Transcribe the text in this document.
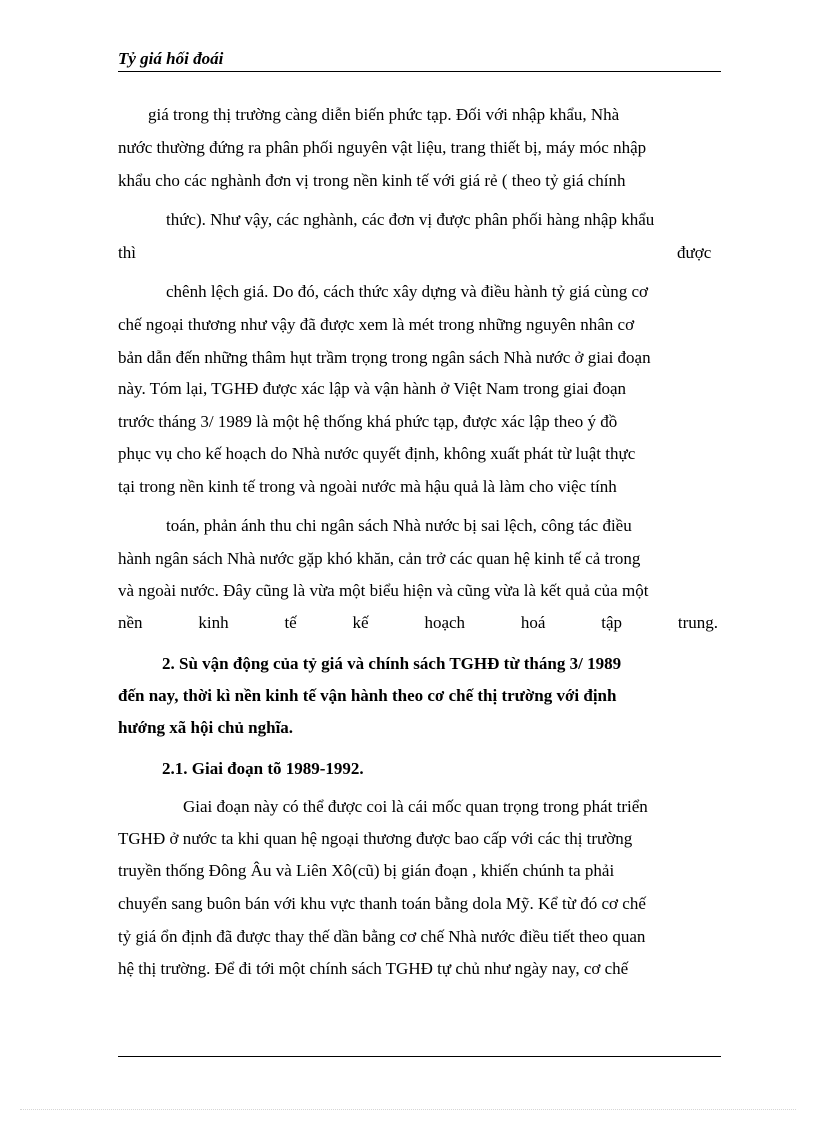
Tỷ giá hối đoái
giá trong thị trường càng diễn biến phức tạp. Đối với nhập khẩu, Nhà
nước thường đứng ra phân phối nguyên vật liệu, trang thiết bị, máy móc nhập
khẩu cho các nghành đơn vị trong nền kinh tế với giá rẻ ( theo tỷ giá chính
thức). Như vậy, các nghành, các đơn vị được phân phối hàng nhập khẩu
thì	được
chênh lệch giá. Do đó, cách thức xây dựng và điều hành tỷ giá cùng cơ
chế ngoại thương như vậy đã được xem là mét trong những nguyên nhân cơ
bản dẫn đến những thâm hụt trầm trọng trong ngân sách Nhà nước ở giai đoạn
này. Tóm lại, TGHĐ được xác lập và vận hành ở Việt Nam trong giai đoạn
trước tháng 3/ 1989 là một hệ thống khá phức tạp, được xác lập theo ý đồ
phục vụ cho kế hoạch do Nhà nước quyết định, không xuất phát từ luật thực
tại trong nền kinh tế trong và ngoài nước mà hậu quả là làm cho việc tính
toán, phản ánh thu chi ngân sách Nhà nước bị sai lệch, công tác điều
hành ngân sách Nhà nước gặp khó khăn, cản trở các quan hệ kinh tế cả trong
và ngoài nước. Đây cũng là vừa một biểu hiện và cũng vừa là kết quả của một
nền kinh tế kế hoạch hoá tập trung.
2. Sù vận động của tỷ giá và chính sách TGHĐ từ tháng 3/ 1989
đến nay, thời kì nền kinh tế vận hành theo cơ chế thị trường với định
hướng xã hội chủ nghĩa.
2.1. Giai đoạn tõ 1989-1992.
Giai đoạn này có thể được coi là cái mốc quan trọng trong phát triển
TGHĐ ở nước ta khi quan hệ ngoại thương được bao cấp với các thị trường
truyền thống Đông Âu và Liên Xô(cũ) bị gián đoạn , khiến chúnh ta phải
chuyển sang buôn bán với khu vực thanh toán bằng dola Mỹ. Kể từ đó cơ chế
tỷ giá ổn định đã được thay thế dần bằng cơ chế Nhà nước điều tiết theo quan
hệ thị trường. Để đi tới một chính sách TGHĐ tự chủ như ngày nay, cơ chế
